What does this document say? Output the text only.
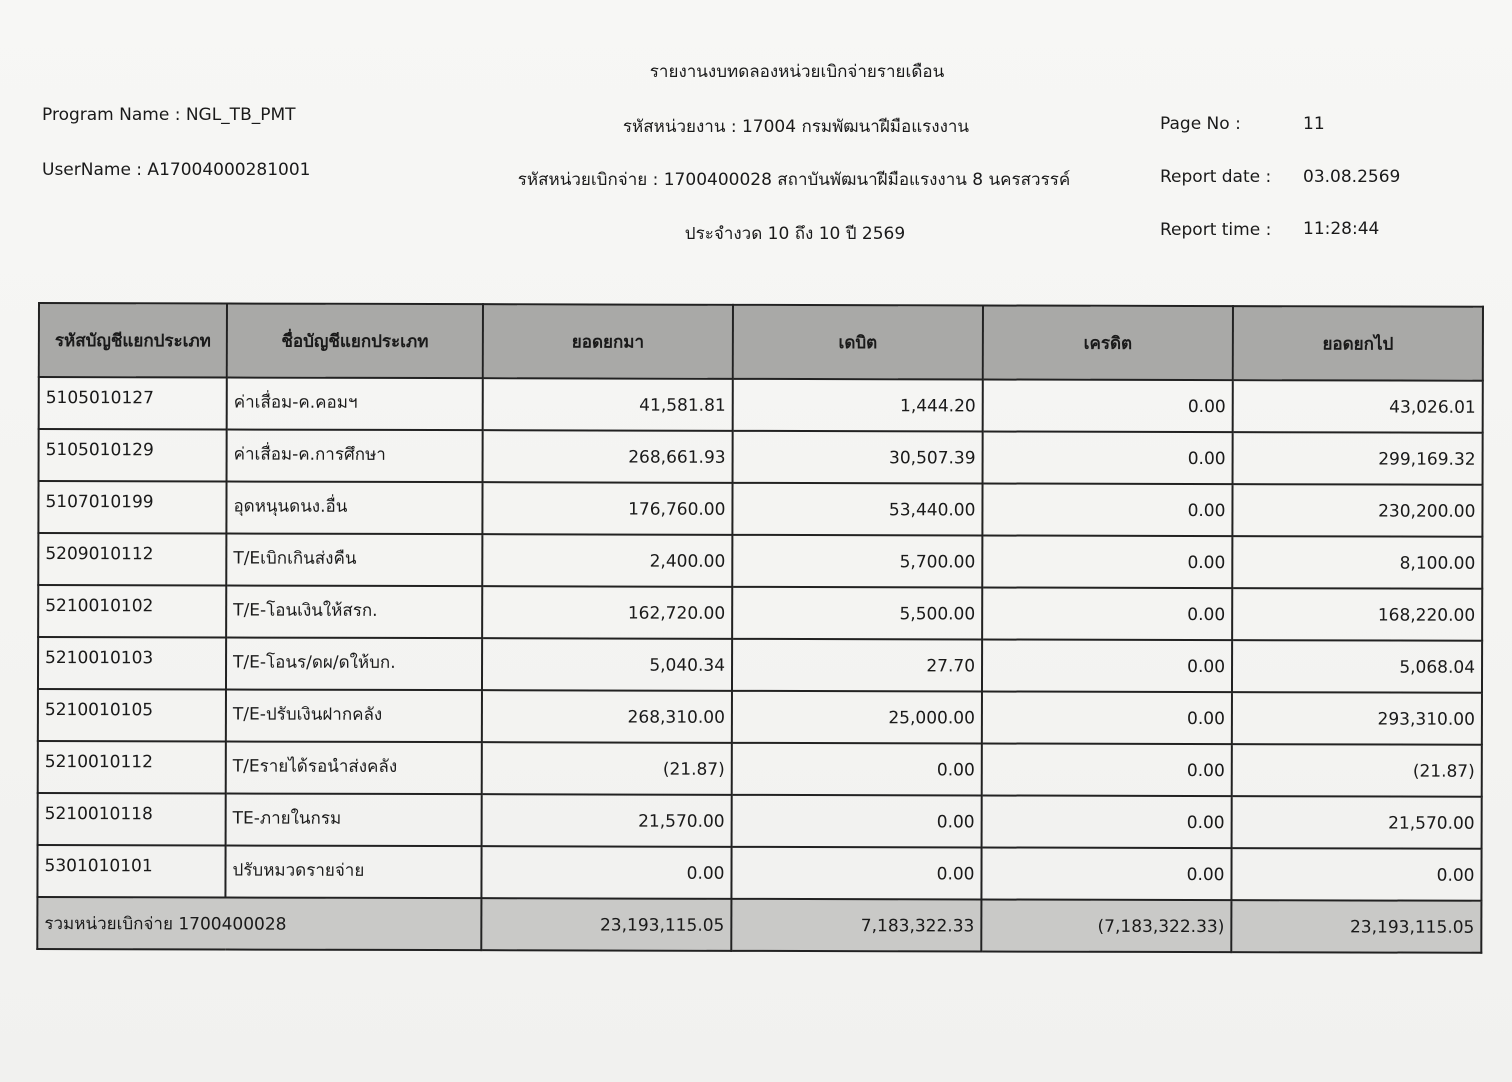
รายงานงบทดลองหน่วยเบิกจ่ายรายเดือน
Program Name : NGL_TB_PMT
UserName : A17004000281001
รหัสหน่วยงาน : 17004 กรมพัฒนาฝีมือแรงงาน
รหัสหน่วยเบิกจ่าย : 1700400028 สถาบันพัฒนาฝีมือแรงงาน 8 นครสวรรค์
ประจำงวด 10 ถึง 10 ปี 2569
Page No :	11
Report date : 03.08.2569
Report time : 11:28:44
รหัสบัญชีแยกประเภท	ชื่อบัญชีแยกประเภท	ยอดยกมา	เดบิต	เครดิต	ยอดยกไป
5105010127	ค่าเสื่อม-ค.คอมฯ	41,581.81	1,444.20	0.00	43,026.01
5105010129	ค่าเสื่อม-ค.การศึกษา	268,661.93	30,507.39	0.00	299,169.32
5107010199	อุดหนุนดนง.อื่น	176,760.00	53,440.00	0.00	230,200.00
5209010112	T/Eเบิกเกินส่งคืน	2,400.00	5,700.00	0.00	8,100.00
5210010102	T/E-โอนเงินให้สรก.	162,720.00	5,500.00	0.00	168,220.00
5210010103	T/E-โอนร/ดผ/ดให้บก.	5,040.34	27.70	0.00	5,068.04
5210010105	T/E-ปรับเงินฝากคลัง	268,310.00	25,000.00	0.00	293,310.00
5210010112	T/Eรายได้รอนำส่งคลัง	(21.87)	0.00	0.00	(21.87)
5210010118	TE-ภายในกรม	21,570.00	0.00	0.00	21,570.00
5301010101	ปรับหมวดรายจ่าย	0.00	0.00	0.00	0.00
รวมหน่วยเบิกจ่าย 1700400028		23,193,115.05	7,183,322.33	(7,183,322.33)	23,193,115.05
